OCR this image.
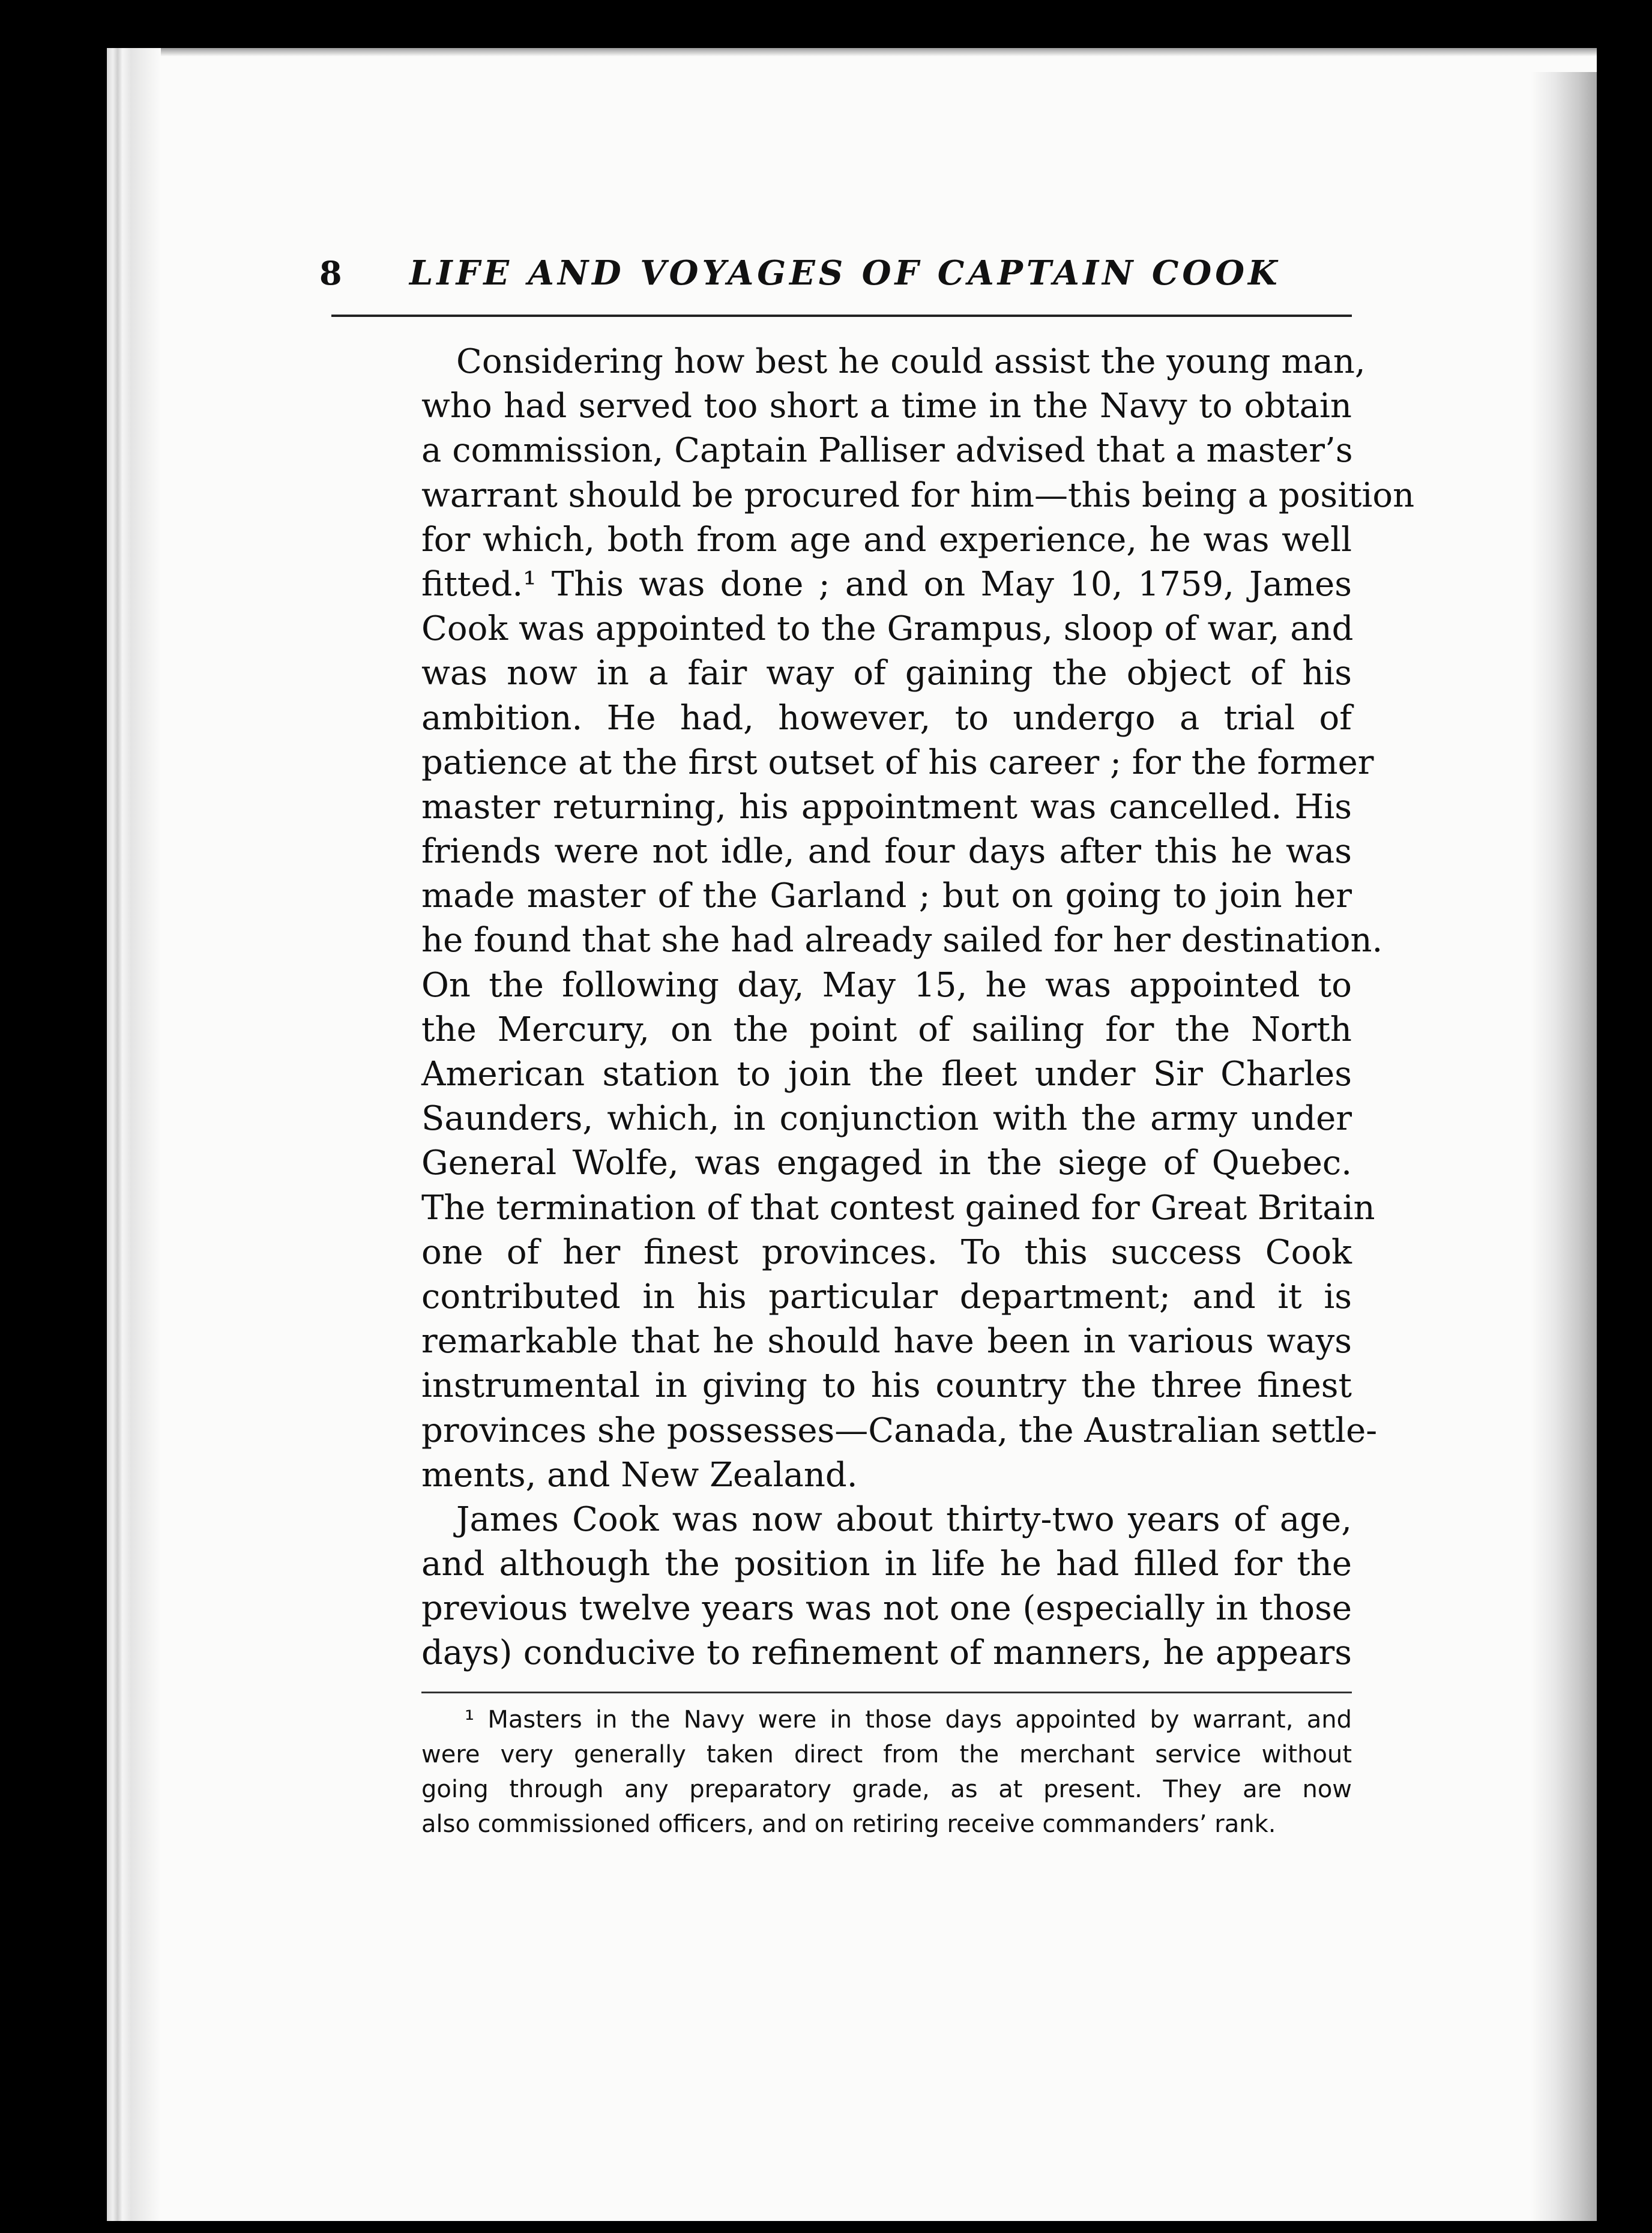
8	LIFE AND VOYAGES OF CAPTAIN COOK
Considering how best he could assist the young man,
who had served too short a time in the Navy to obtain
a commission, Captain Palliser advised that a master’s
warrant should be procured for him—this being a position
for which, both from age and experience, he was well
fitted.¹ This was done ; and on May 10, 1759, James
Cook was appointed to the Grampus, sloop of war, and
was now in a fair way of gaining the object of his
ambition. He had, however, to undergo a trial of
patience at the first outset of his career ; for the former
master returning, his appointment was cancelled. His
friends were not idle, and four days after this he was
made master of the Garland ; but on going to join her
he found that she had already sailed for her destination.
On the following day, May 15, he was appointed to
the Mercury, on the point of sailing for the North
American station to join the fleet under Sir Charles
Saunders, which, in conjunction with the army under
General Wolfe, was engaged in the siege of Quebec.
The termination of that contest gained for Great Britain
one of her finest provinces. To this success Cook
contributed in his particular department; and it is
remarkable that he should have been in various ways
instrumental in giving to his country the three finest
provinces she possesses—Canada, the Australian settle-
ments, and New Zealand.
James Cook was now about thirty-two years of age,
and although the position in life he had filled for the
previous twelve years was not one (especially in those
days) conducive to refinement of manners, he appears
¹ Masters in the Navy were in those days appointed by warrant, and
were very generally taken direct from the merchant service without
going through any preparatory grade, as at present. They are now
also commissioned officers, and on retiring receive commanders’ rank.
